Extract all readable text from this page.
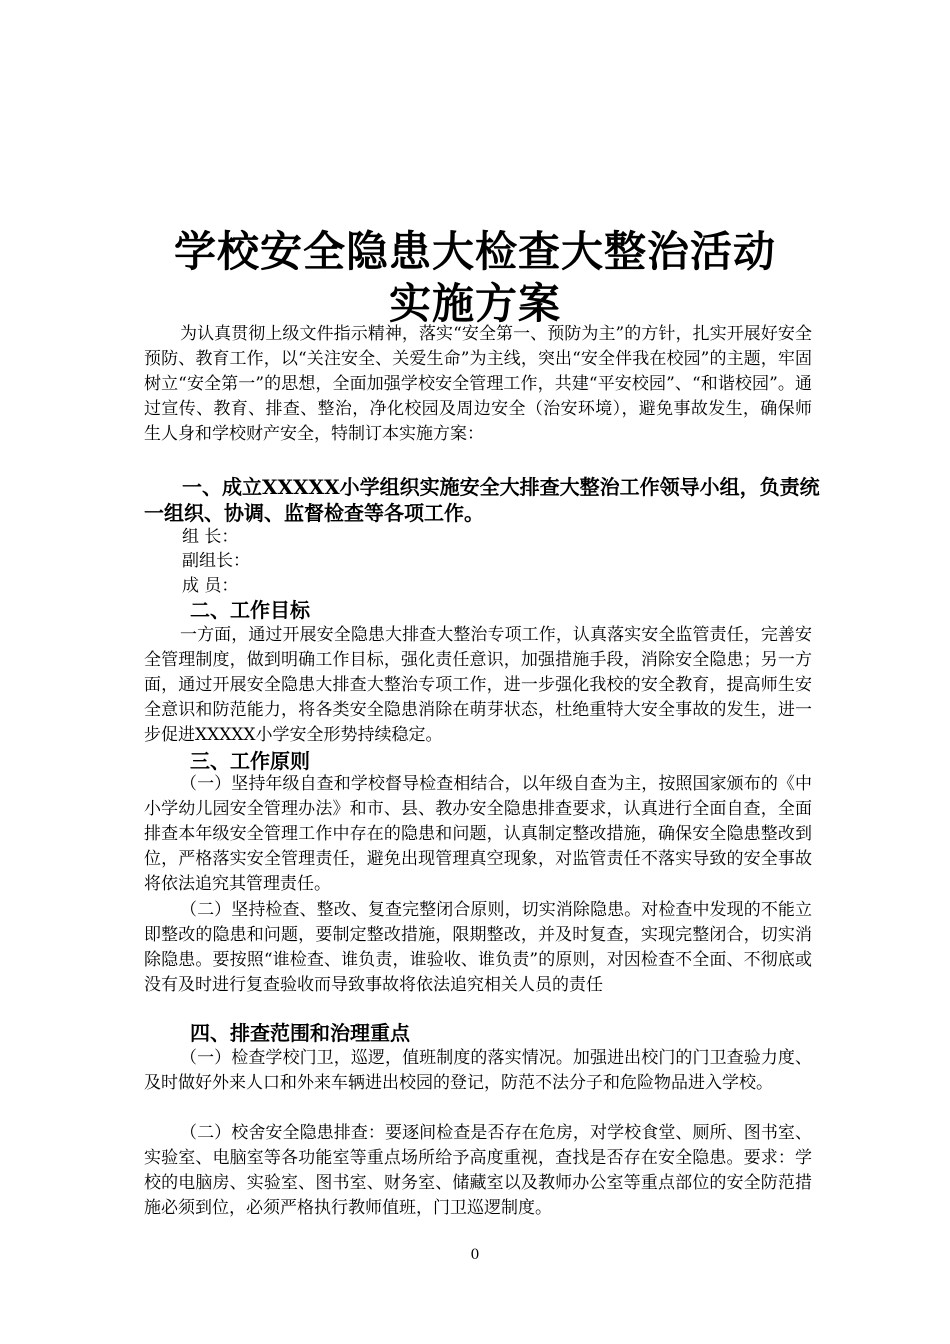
学校安全隐患大检查大整治活动
实施方案

为认真贯彻上级文件指示精神，落实“安全第一、预防为主”的方针，扎实开展好安全预防、教育工作，以“关注安全、关爱生命”为主线，突出“安全伴我在校园”的主题，牢固树立“安全第一”的思想，全面加强学校安全管理工作，共建“平安校园”、“和谐校园”。通过宣传、教育、排查、整治，净化校园及周边安全（治安环境），避免事故发生，确保师生人身和学校财产安全，特制订本实施方案：

一、成立XXXXX小学组织实施安全大排查大整治工作领导小组，负责统一组织、协调、监督检查等各项工作。

组 长：

副组长：

成 员：

二、工作目标

一方面，通过开展安全隐患大排查大整治专项工作，认真落实安全监管责任，完善安全管理制度，做到明确工作目标，强化责任意识，加强措施手段，消除安全隐患；另一方面，通过开展安全隐患大排查大整治专项工作，进一步强化我校的安全教育，提高师生安全意识和防范能力，将各类安全隐患消除在萌芽状态，杜绝重特大安全事故的发生，进一步促进XXXXX小学安全形势持续稳定。

三、工作原则

（一）坚持年级自查和学校督导检查相结合，以年级自查为主，按照国家颁布的《中小学幼儿园安全管理办法》和市、县、教办安全隐患排查要求，认真进行全面自查，全面排查本年级安全管理工作中存在的隐患和问题，认真制定整改措施，确保安全隐患整改到位，严格落实安全管理责任，避免出现管理真空现象，对监管责任不落实导致的安全事故将依法追究其管理责任。

（二）坚持检查、整改、复查完整闭合原则，切实消除隐患。对检查中发现的不能立即整改的隐患和问题，要制定整改措施，限期整改，并及时复查，实现完整闭合，切实消除隐患。要按照“谁检查、谁负责，谁验收、谁负责”的原则，对因检查不全面、不彻底或没有及时进行复查验收而导致事故将依法追究相关人员的责任

四、排查范围和治理重点

（一）检查学校门卫，巡逻，值班制度的落实情况。加强进出校门的门卫查验力度、及时做好外来人口和外来车辆进出校园的登记，防范不法分子和危险物品进入学校。

（二）校舍安全隐患排查：要逐间检查是否存在危房，对学校食堂、厕所、图书室、实验室、电脑室等各功能室等重点场所给予高度重视，查找是否存在安全隐患。要求：学校的电脑房、实验室、图书室、财务室、储藏室以及教师办公室等重点部位的安全防范措施必须到位，必须严格执行教师值班，门卫巡逻制度。

0
